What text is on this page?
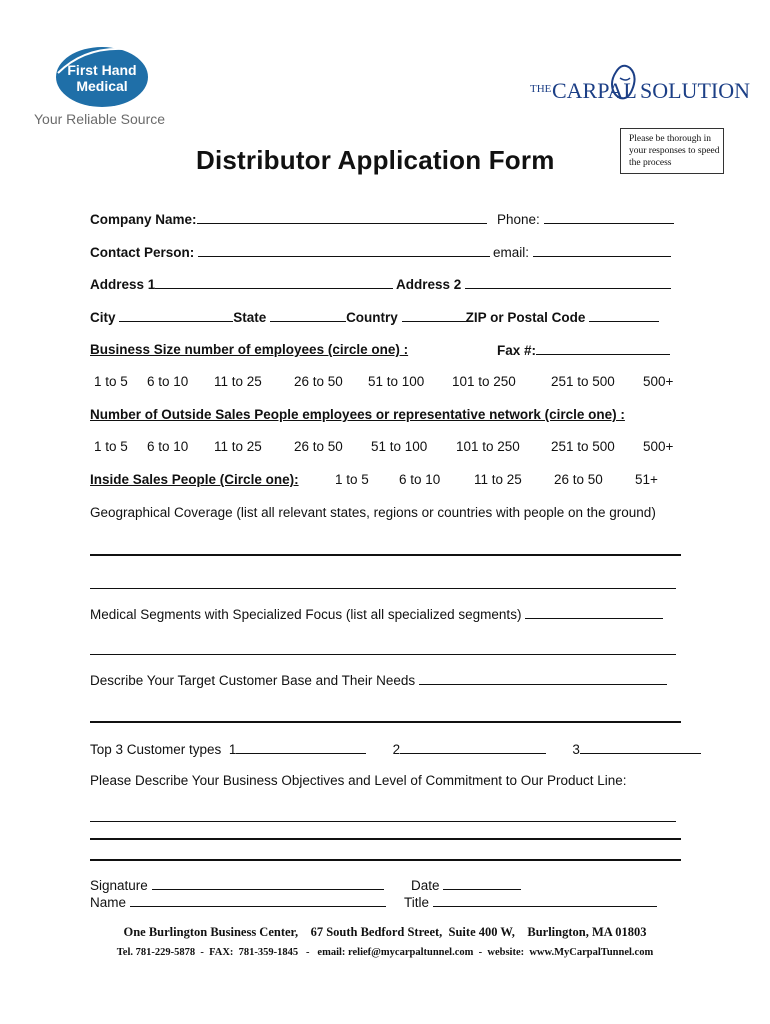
First Hand
Medical
Your Reliable Source
THE CARPAL SOLUTION
Please be thorough in your responses to speed the process
Distributor Application Form
Company Name:	Phone:
Contact Person:	email:
Address 1	Address 2
City	State	Country	ZIP or Postal Code
Business Size number of employees (circle one) :	Fax #:
1 to 5 6 to 10 11 to 25 26 to 50 51 to 100 101 to 250	251 to 500 500+
Number of Outside Sales People employees or representative network (circle one) :
1 to 5 6 to 10 11 to 25 26 to 50 51 to 100 101 to 250 251 to 500 500+
Inside Sales People (Circle one):	1 to 5 6 to 10 11 to 25 26 to 50 51+
Geographical Coverage (list all relevant states, regions or countries with people on the ground)
Medical Segments with Specialized Focus (list all specialized segments)
Describe Your Target Customer Base and Their Needs
Top 3 Customer types 1	2	3
Please Describe Your Business Objectives and Level of Commitment to Our Product Line:
Signature	Date
Name	Title
One Burlington Business Center,    67 South Bedford Street,  Suite 400 W,    Burlington, MA 01803
Tel. 781-229-5878  -  FAX:  781-359-1845   -   email: relief@mycarpaltunnel.com  -  website:  www.MyCarpalTunnel.com
